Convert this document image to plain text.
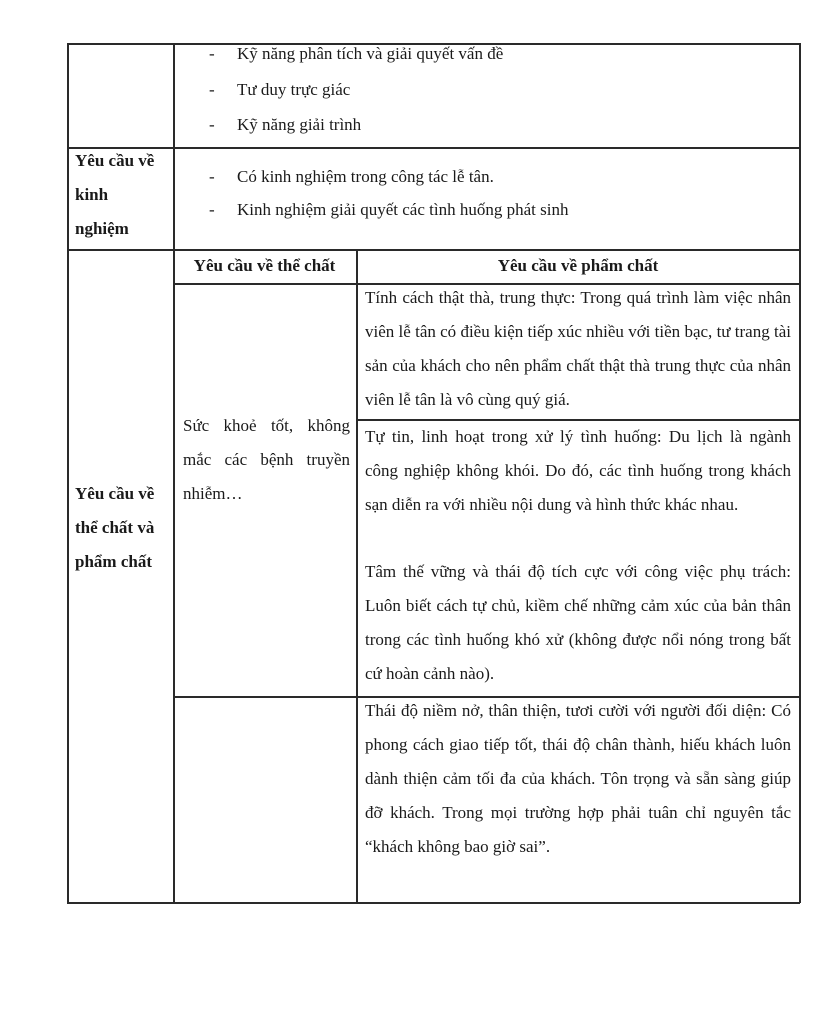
- Kỹ năng phân tích và giải quyết vấn đề
- Tư duy trực giác
- Kỹ năng giải trình
Yêu cầu về
kinh
nghiệm
- Có kinh nghiệm trong công tác lễ tân.
- Kinh nghiệm giải quyết các tình huống phát sinh
Yêu cầu về
thể chất và
phẩm chất
Yêu cầu về thể chất	Yêu cầu về phẩm chất
Sức khoẻ tốt, không mắc các bệnh truyền nhiễm…
Tính cách thật thà, trung thực: Trong quá trình làm việc nhân viên lễ tân có điều kiện tiếp xúc nhiều với tiền bạc, tư trang tài sản của khách cho nên phẩm chất thật thà trung thực của nhân viên lễ tân là vô cùng quý giá.
Tự tin, linh hoạt trong xử lý tình huống: Du lịch là ngành công nghiệp không khói. Do đó, các tình huống trong khách sạn diễn ra với nhiều nội dung và hình thức khác nhau.
Tâm thế vững và thái độ tích cực với công việc phụ trách: Luôn biết cách tự chủ, kiềm chế những cảm xúc của bản thân trong các tình huống khó xử (không được nổi nóng trong bất cứ hoàn cảnh nào).
Thái độ niềm nở, thân thiện, tươi cười với người đối diện: Có phong cách giao tiếp tốt, thái độ chân thành, hiếu khách luôn dành thiện cảm tối đa của khách. Tôn trọng và sẵn sàng giúp đỡ khách. Trong mọi trường hợp phải tuân chỉ nguyên tắc “khách không bao giờ sai”.
